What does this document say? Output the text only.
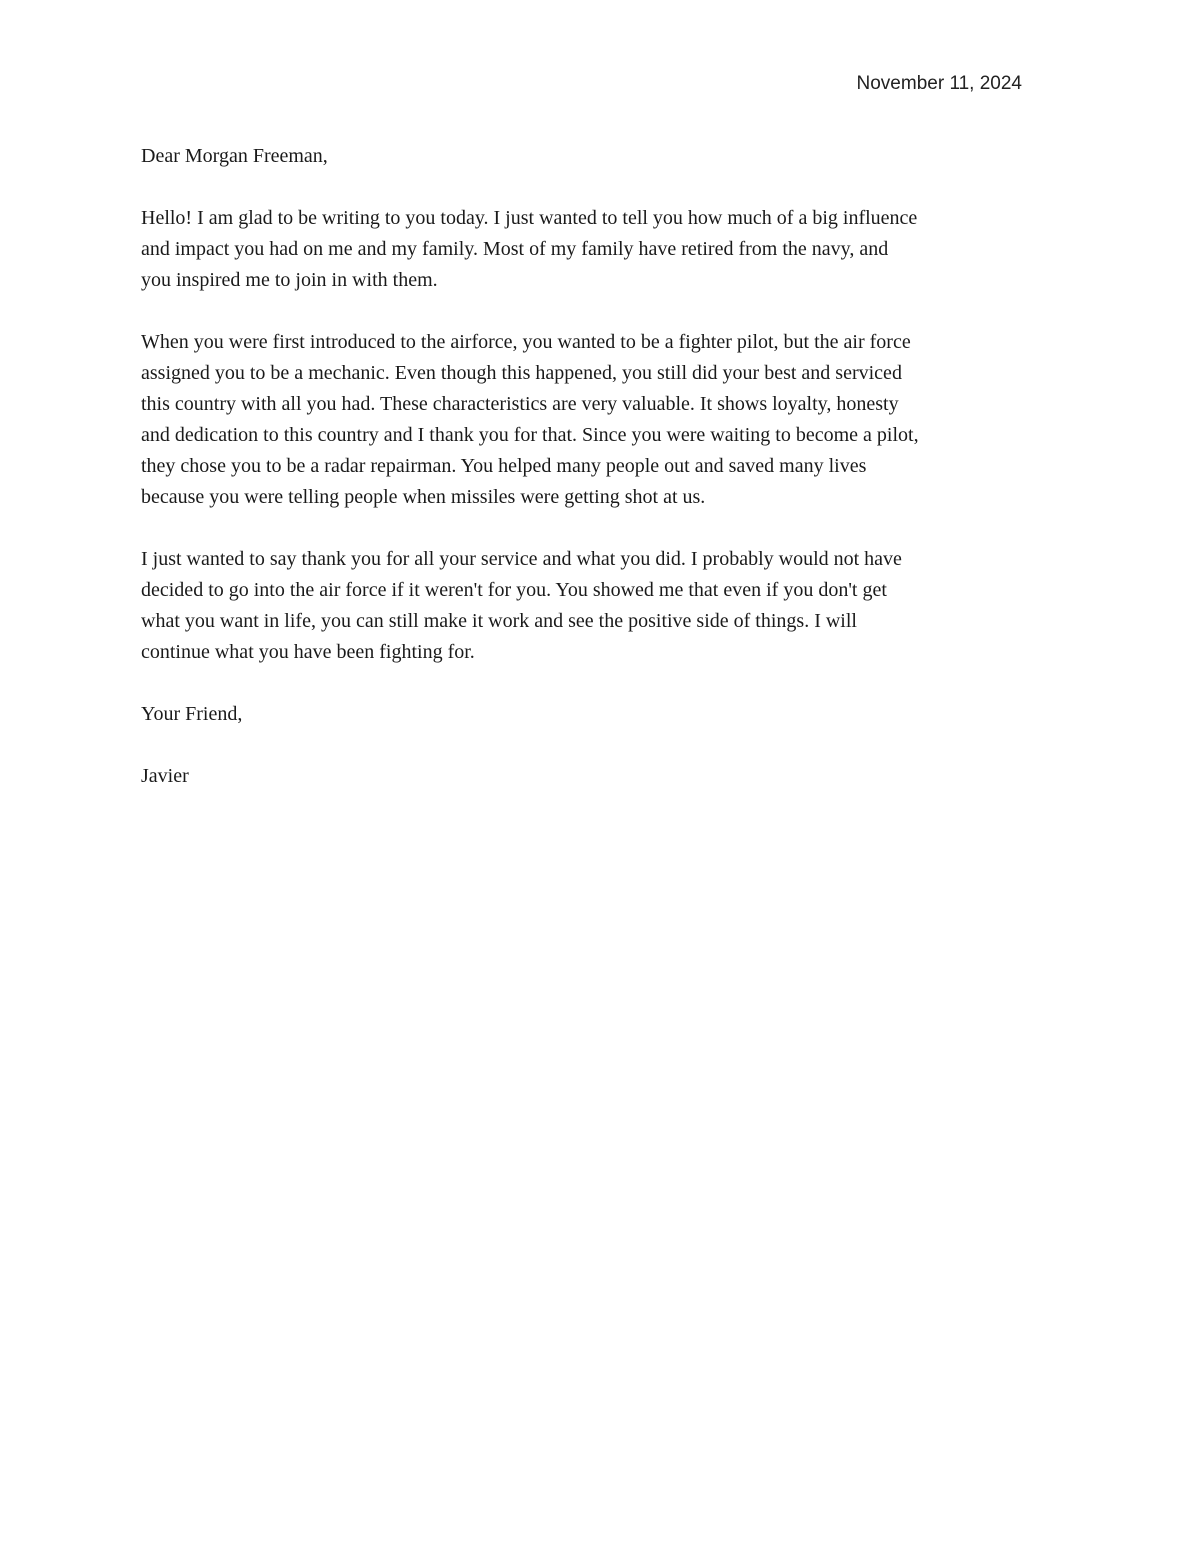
November 11, 2024
Dear Morgan Freeman,
Hello! I am glad to be writing to you today. I just wanted to tell you how much of a big influence
and impact you had on me and my family. Most of my family have retired from the navy, and
you inspired me to join in with them.
When you were first introduced to the airforce, you wanted to be a fighter pilot, but the air force
assigned you to be a mechanic. Even though this happened, you still did your best and serviced
this country with all you had. These characteristics are very valuable. It shows loyalty, honesty
and dedication to this country and I thank you for that. Since you were waiting to become a pilot,
they chose you to be a radar repairman. You helped many people out and saved many lives
because you were telling people when missiles were getting shot at us.
I just wanted to say thank you for all your service and what you did. I probably would not have
decided to go into the air force if it weren't for you. You showed me that even if you don't get
what you want in life, you can still make it work and see the positive side of things. I will
continue what you have been fighting for.
Your Friend,
Javier
